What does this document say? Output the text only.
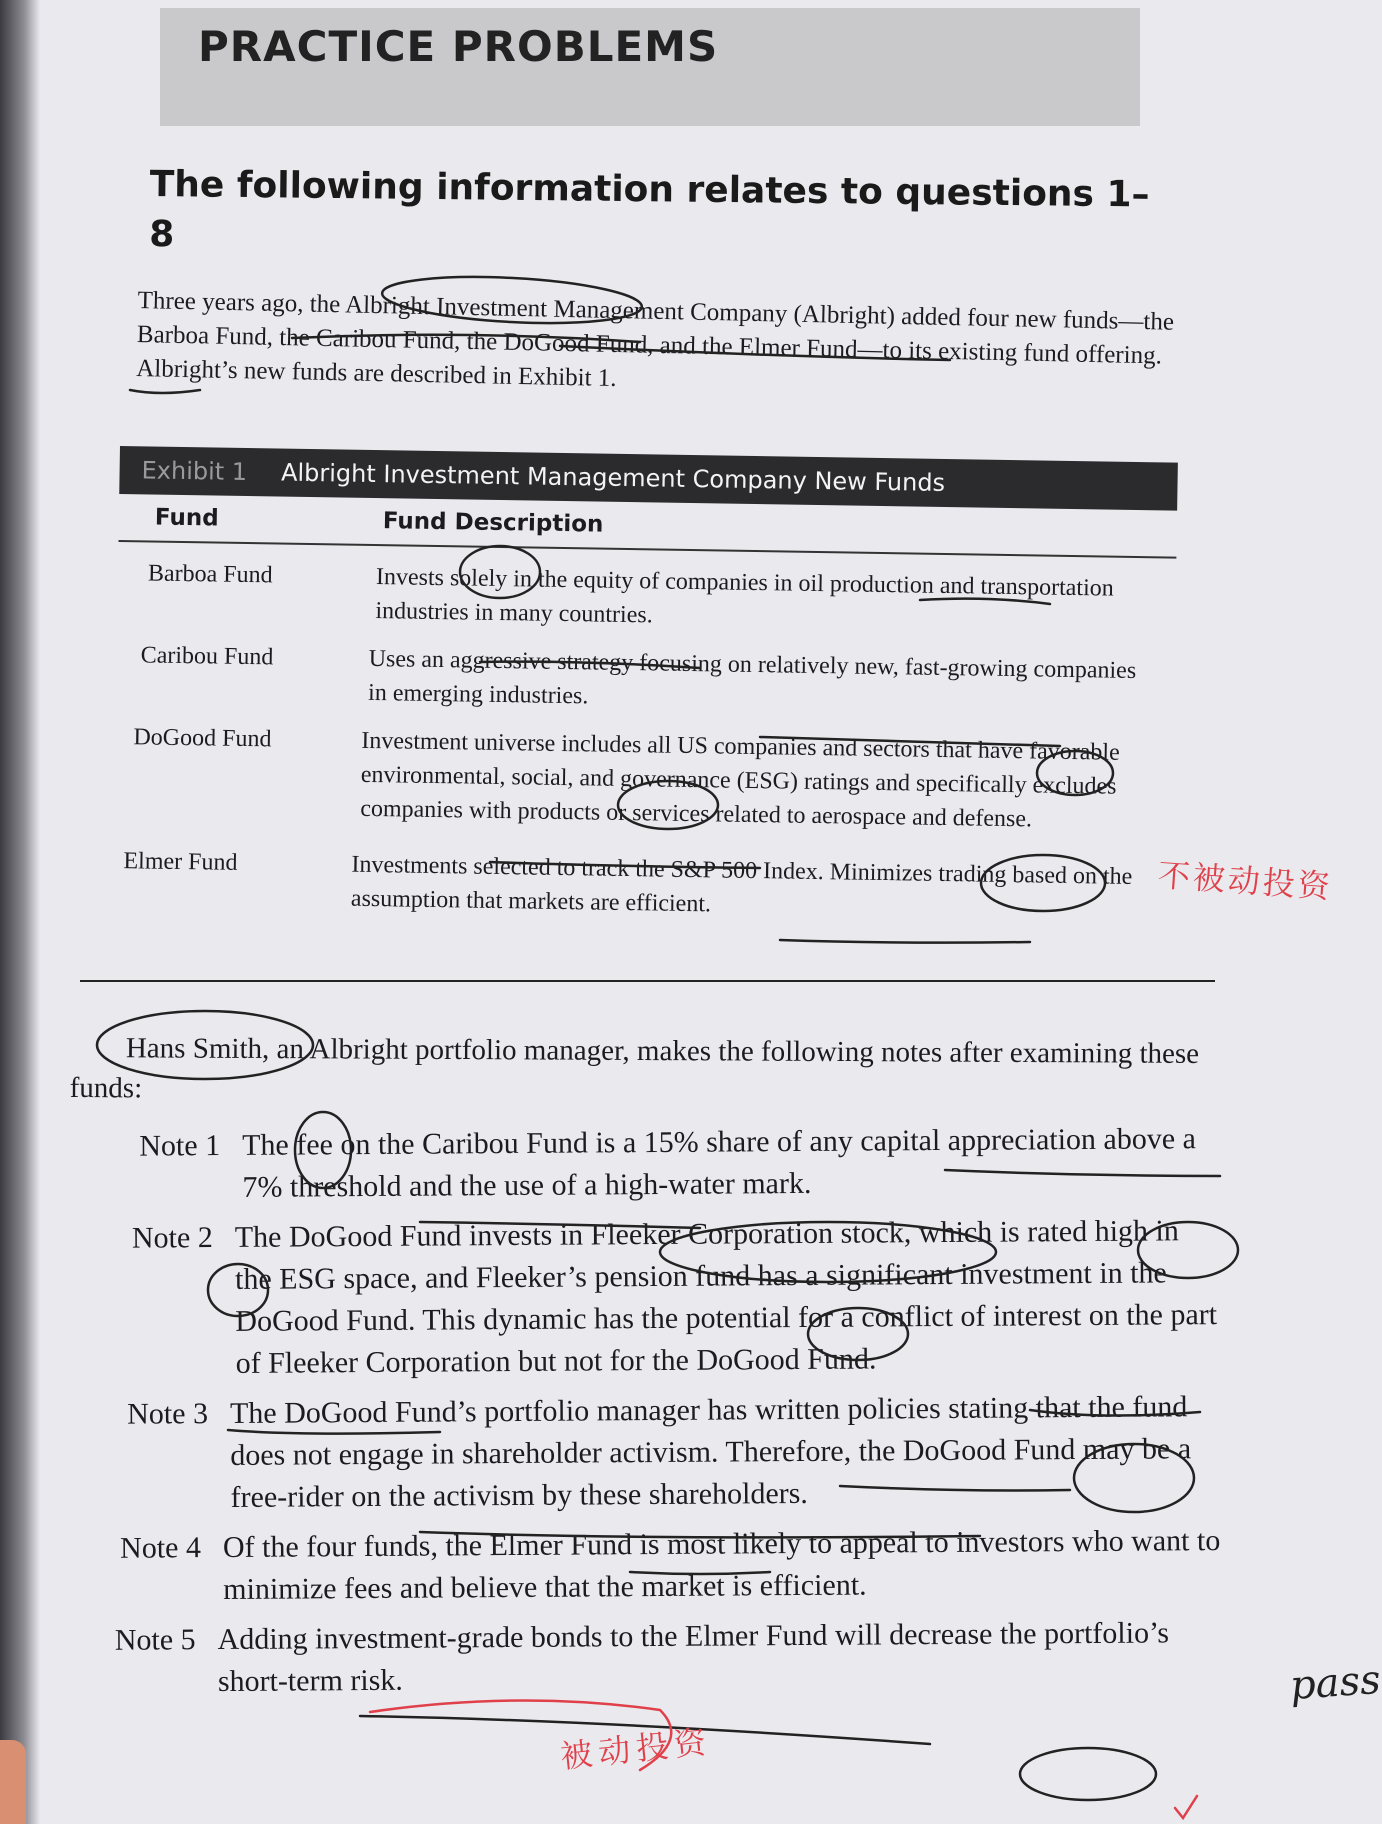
PRACTICE PROBLEMS
The following information relates to questions 1–8
Three years ago, the Albright Investment Management Company (Albright) added four new funds—the Barboa Fund, the Caribou Fund, the DoGood Fund, and the Elmer Fund—to its existing fund offering. Albright’s new funds are described in Exhibit 1.
Exhibit 1 Albright Investment Management Company New Funds
Fund	Fund Description
Barboa Fund	Invests solely in the equity of companies in oil production and transportation industries in many countries.
Caribou Fund	Uses an aggressive strategy focusing on relatively new, fast-growing companies in emerging industries.
DoGood Fund	Investment universe includes all US companies and sectors that have favorable environmental, social, and governance (ESG) ratings and specifically excludes companies with products or services related to aerospace and defense.
Elmer Fund	Investments selected to track the S&P 500 Index. Minimizes trading based on the assumption that markets are efficient.
Hans Smith, an Albright portfolio manager, makes the following notes after examining these funds:
Note 1 The fee on the Caribou Fund is a 15% share of any capital appreciation above a 7% threshold and the use of a high-water mark.
Note 2 The DoGood Fund invests in Fleeker Corporation stock, which is rated high in the ESG space, and Fleeker’s pension fund has a significant investment in the DoGood Fund. This dynamic has the potential for a conflict of interest on the part of Fleeker Corporation but not for the DoGood Fund.
Note 3 The DoGood Fund’s portfolio manager has written policies stating that the fund does not engage in shareholder activism. Therefore, the DoGood Fund may be a free-rider on the activism by these shareholders.
Note 4 Of the four funds, the Elmer Fund is most likely to appeal to investors who want to minimize fees and believe that the market is efficient.
Note 5 Adding investment-grade bonds to the Elmer Fund will decrease the portfolio’s short-term risk.
不被动投资
被动投资
pass
